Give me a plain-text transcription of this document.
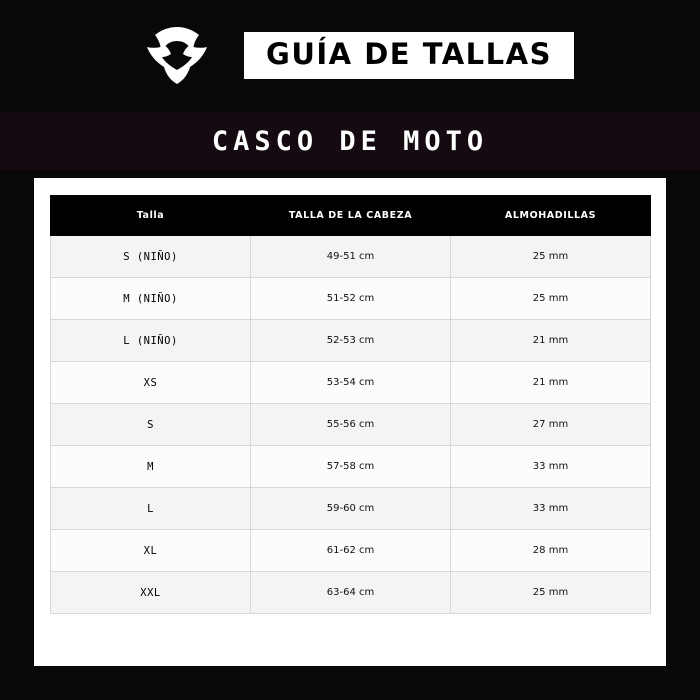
GUÍA DE TALLAS
CASCO DE MOTO
Talla	TALLA DE LA CABEZA	ALMOHADILLAS
S (NIÑO)	49-51 cm	25 mm
M (NIÑO)	51-52 cm	25 mm
L (NIÑO)	52-53 cm	21 mm
XS	53-54 cm	21 mm
S	55-56 cm	27 mm
M	57-58 cm	33 mm
L	59-60 cm	33 mm
XL	61-62 cm	28 mm
XXL	63-64 cm	25 mm
